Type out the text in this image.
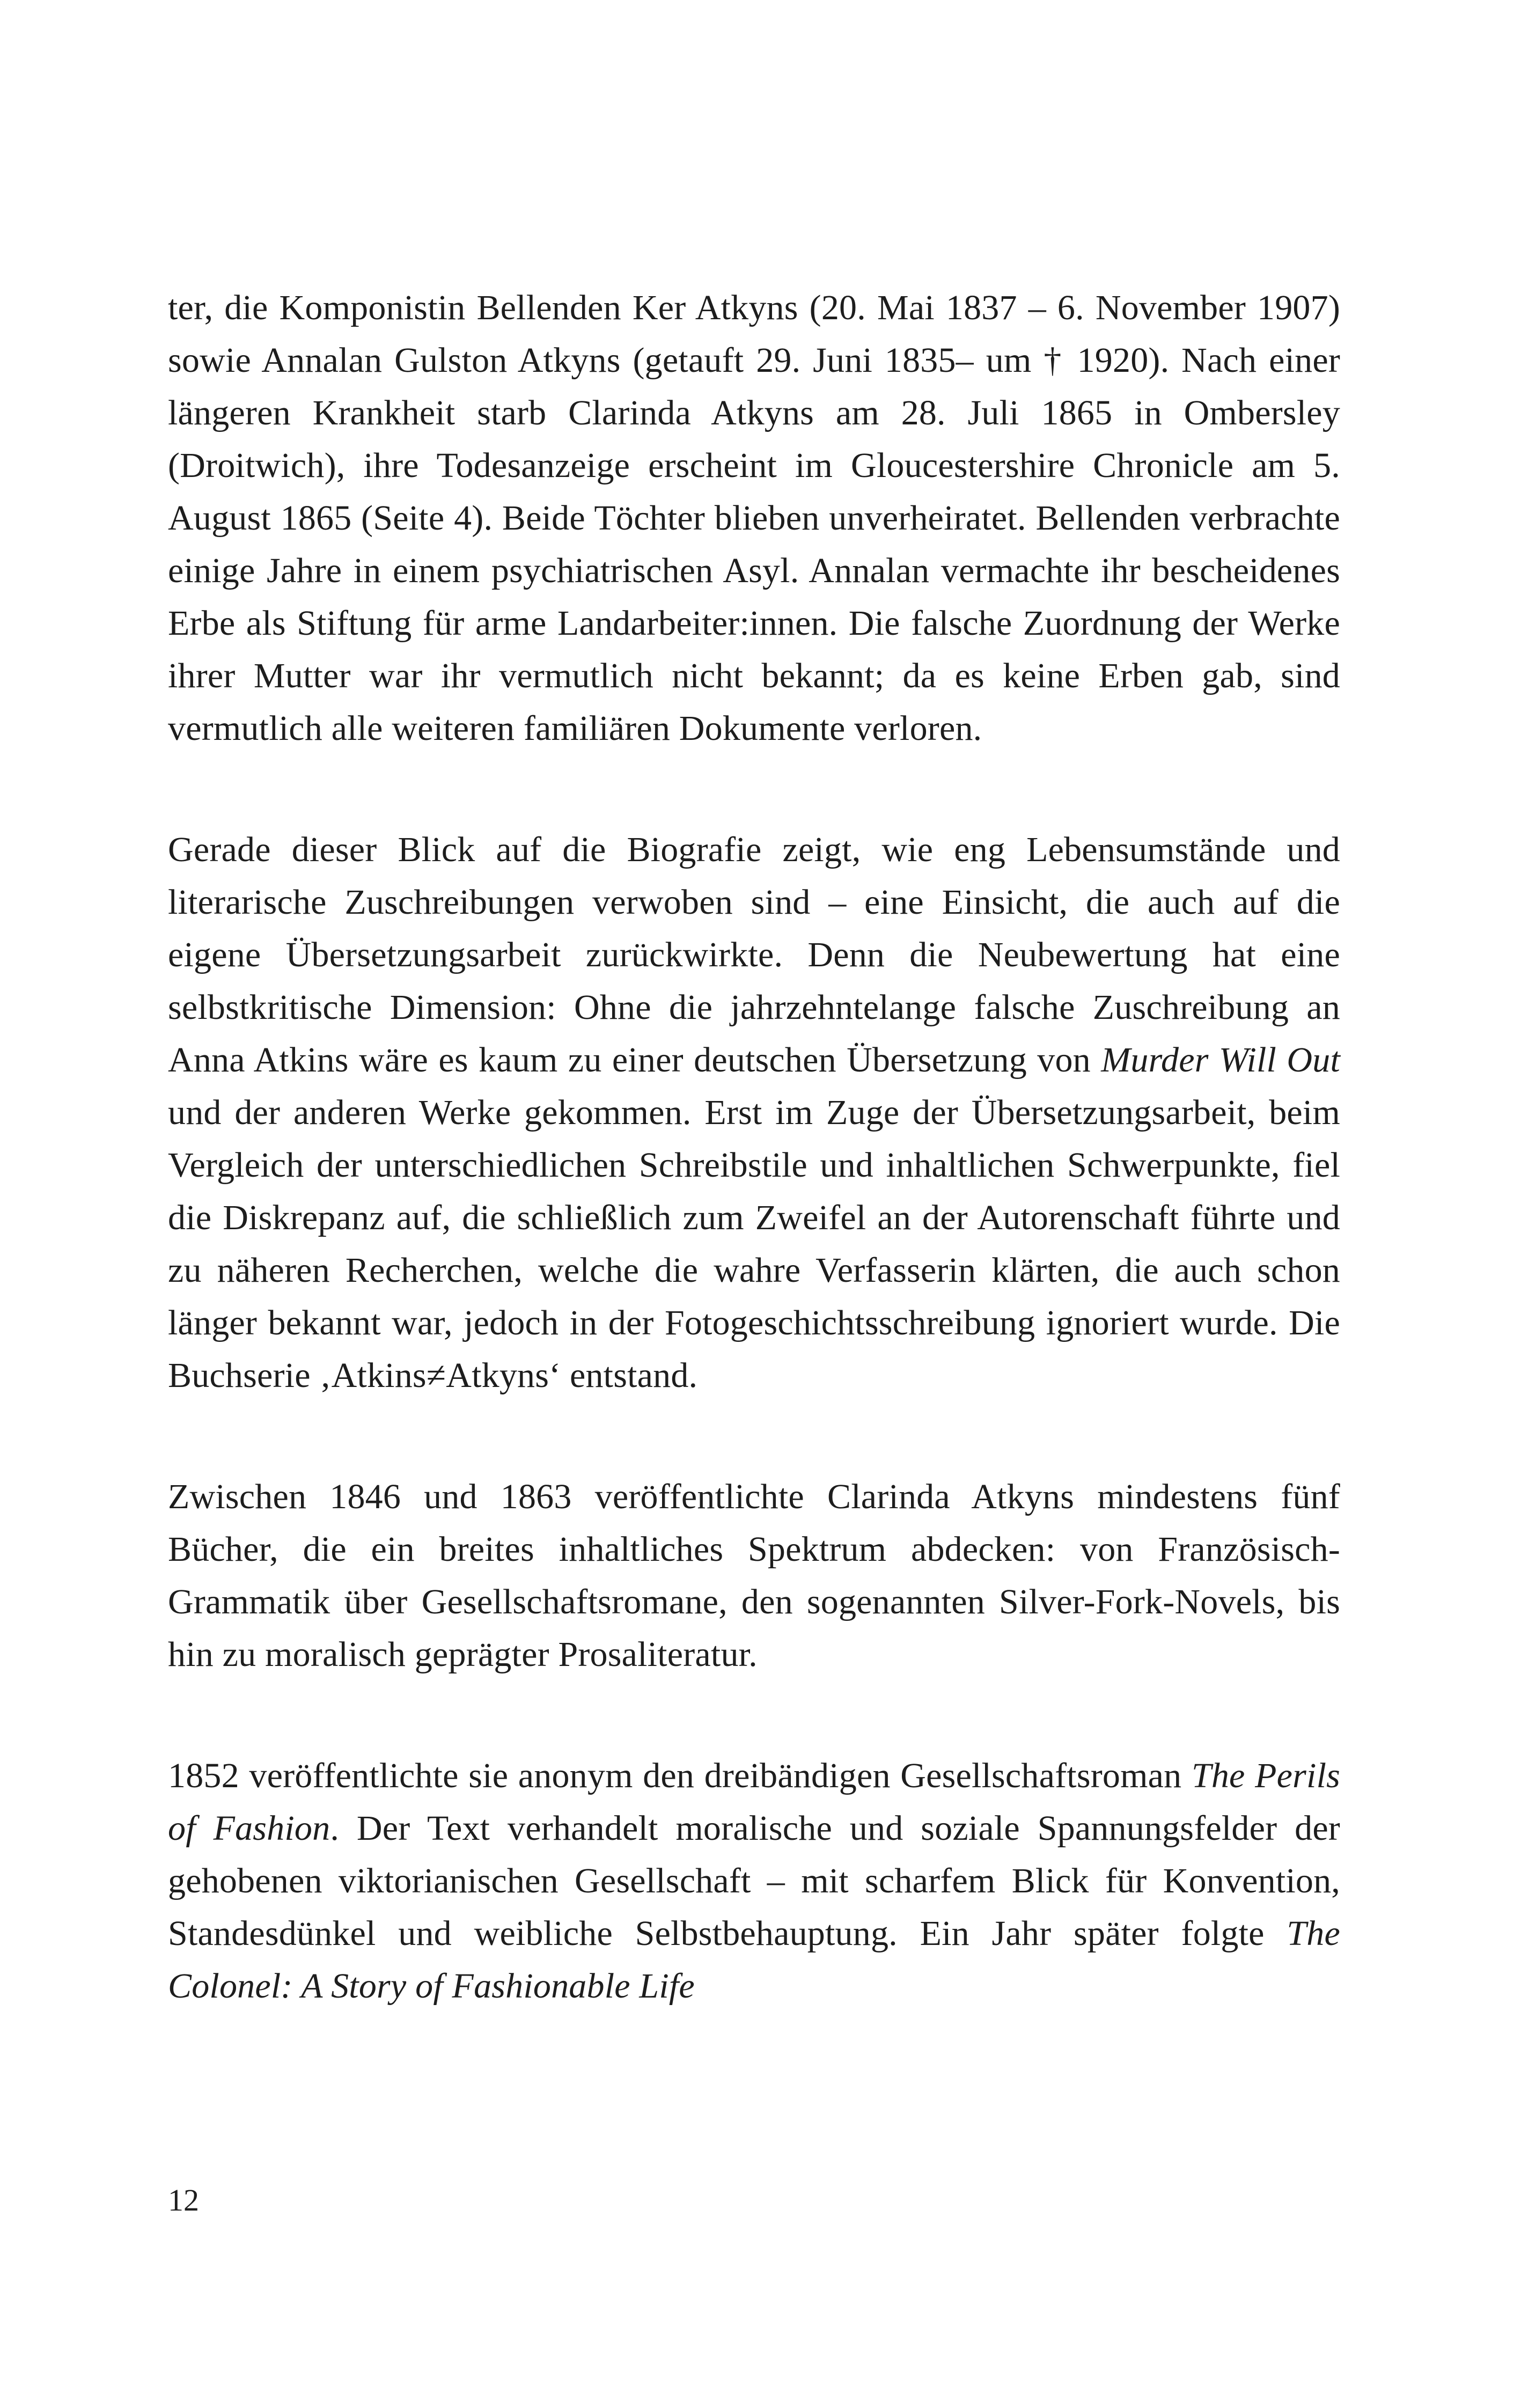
ter, die Komponistin Bellenden Ker Atkyns (20. Mai 1837 – 6. November 1907) sowie Annalan Gulston Atkyns (getauft 29. Juni 1835– um † 1920). Nach einer längeren Krankheit starb Clarinda Atkyns am 28. Juli 1865 in Ombersley (Droitwich), ihre Todesanzeige erscheint im Gloucestershire Chronicle am 5. August 1865 (Seite 4). Beide Töchter blieben unverheiratet. Bellenden verbrachte einige Jahre in einem psychiatrischen Asyl. Annalan vermachte ihr bescheidenes Erbe als Stiftung für arme Landarbeiter:innen. Die falsche Zuordnung der Werke ihrer Mutter war ihr vermutlich nicht bekannt; da es keine Erben gab, sind vermutlich alle weiteren familiären Dokumente verloren.

Gerade dieser Blick auf die Biografie zeigt, wie eng Lebensumstände und literarische Zuschreibungen verwoben sind – eine Einsicht, die auch auf die eigene Übersetzungsarbeit zurückwirkte. Denn die Neubewertung hat eine selbstkritische Dimension: Ohne die jahrzehntelange falsche Zuschreibung an Anna Atkins wäre es kaum zu einer deutschen Übersetzung von Murder Will Out und der anderen Werke gekommen. Erst im Zuge der Übersetzungsarbeit, beim Vergleich der unterschiedlichen Schreibstile und inhaltlichen Schwerpunkte, fiel die Diskrepanz auf, die schließlich zum Zweifel an der Autorenschaft führte und zu näheren Recherchen, welche die wahre Verfasserin klärten, die auch schon länger bekannt war, jedoch in der Fotogeschichtsschreibung ignoriert wurde. Die Buchserie ‚Atkins≠Atkyns‘ entstand.

Zwischen 1846 und 1863 veröffentlichte Clarinda Atkyns mindestens fünf Bücher, die ein breites inhaltliches Spektrum abdecken: von Französisch-Grammatik über Gesellschaftsromane, den sogenannten Silver-Fork-Novels, bis hin zu moralisch geprägter Prosaliteratur.

1852 veröffentlichte sie anonym den dreibändigen Gesellschaftsroman The Perils of Fashion. Der Text verhandelt moralische und soziale Spannungsfelder der gehobenen viktorianischen Gesellschaft – mit scharfem Blick für Konvention, Standesdünkel und weibliche Selbstbehauptung. Ein Jahr später folgte The Colonel: A Story of Fashionable Life

12
